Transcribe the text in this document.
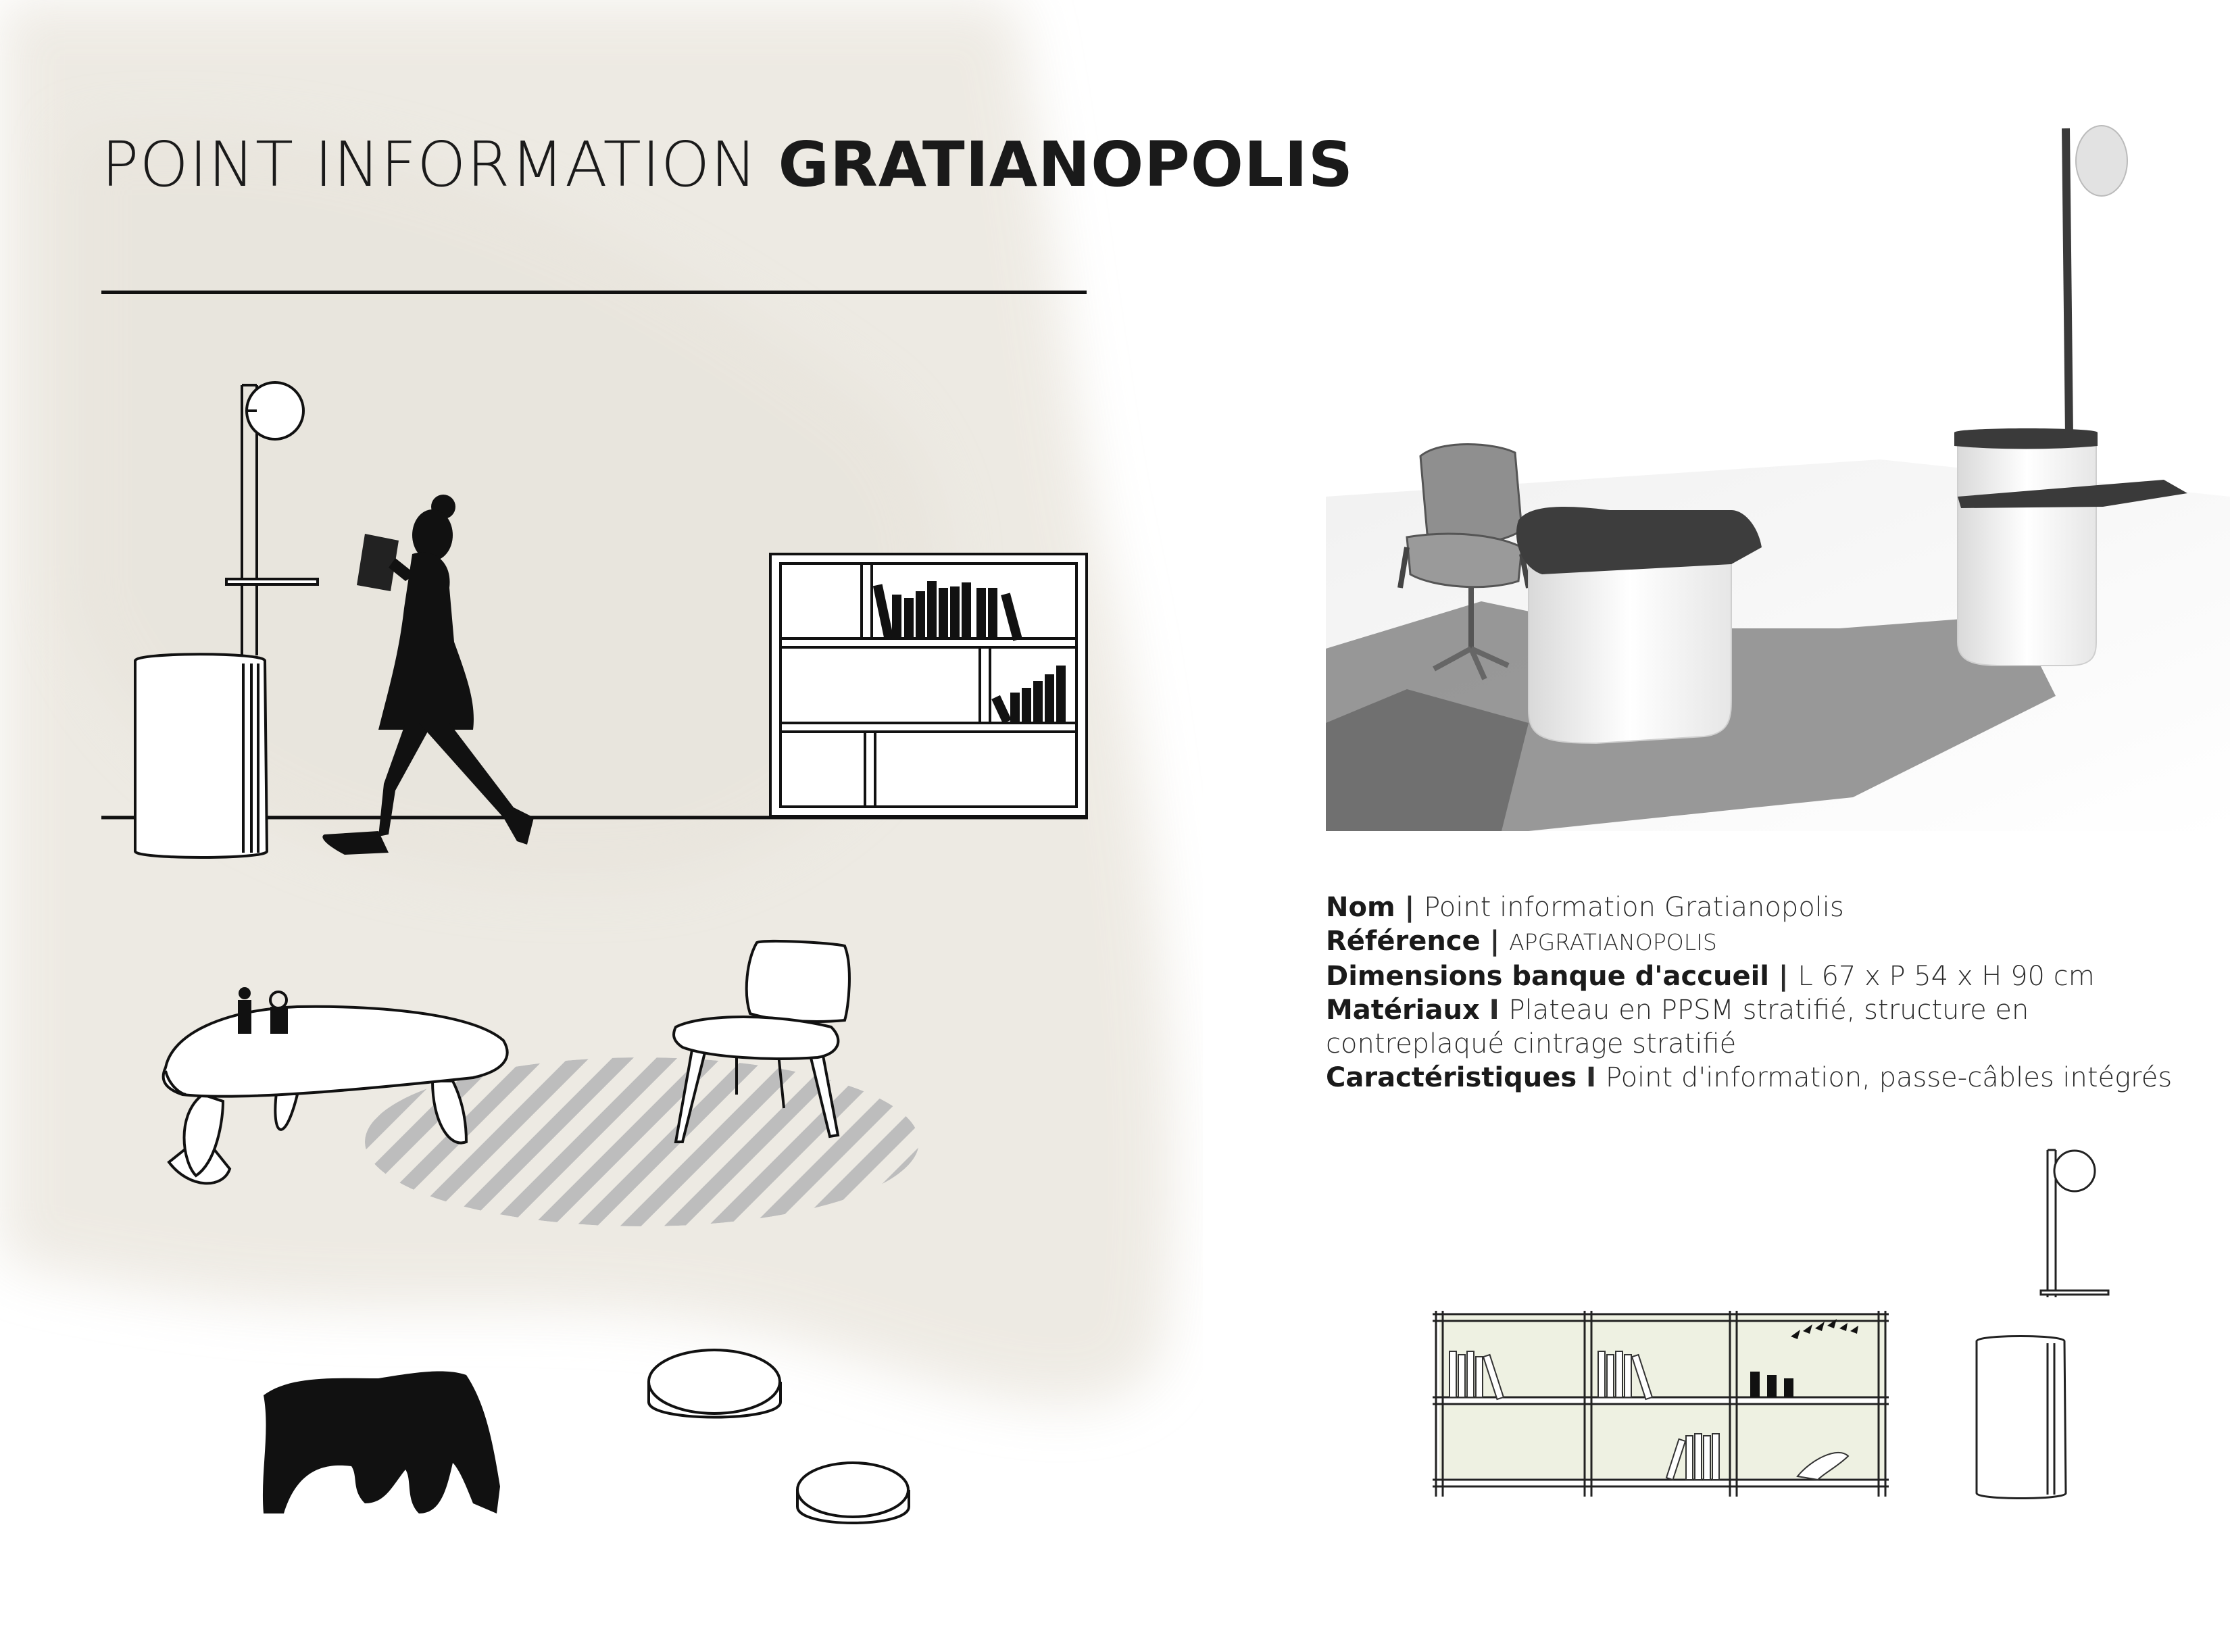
POINT INFORMATION GRATIANOPOLIS
Nom | Point information Gratianopolis
Référence | APGRATIANOPOLIS
Dimensions banque d'accueil | L 67 x P 54 x H 90 cm
Matériaux I Plateau en PPSM stratifié, structure en contreplaqué cintrage stratifié
Caractéristiques I Point d'information, passe-câbles intégrés
